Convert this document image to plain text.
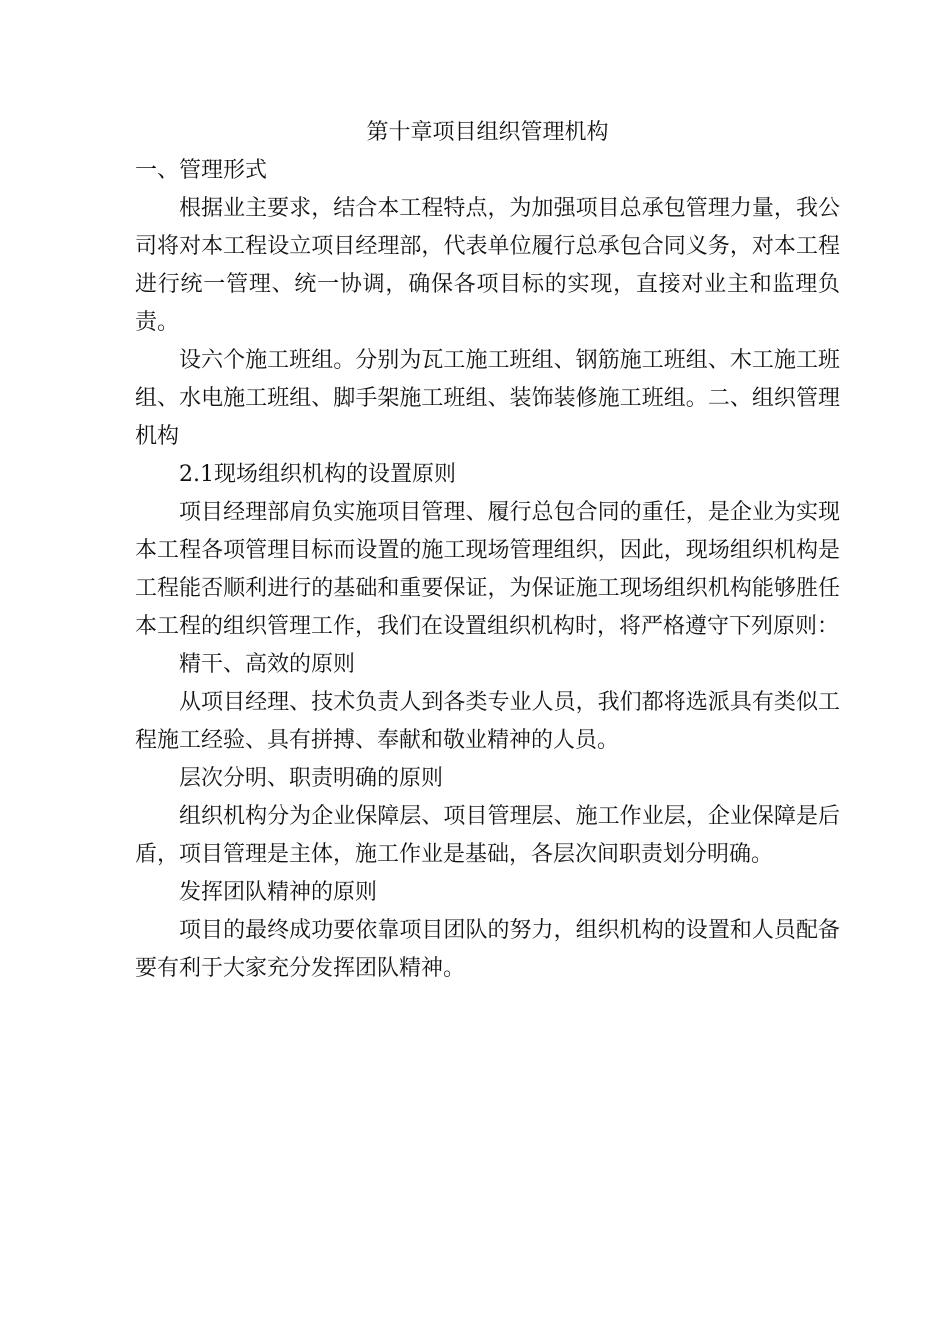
第十章项目组织管理机构

一、管理形式

根据业主要求，结合本工程特点，为加强项目总承包管理力量，我公司将对本工程设立项目经理部，代表单位履行总承包合同义务，对本工程进行统一管理、统一协调，确保各项目标的实现，直接对业主和监理负责。

设六个施工班组。分别为瓦工施工班组、钢筋施工班组、木工施工班组、水电施工班组、脚手架施工班组、装饰装修施工班组。二、组织管理机构

2.1现场组织机构的设置原则

项目经理部肩负实施项目管理、履行总包合同的重任，是企业为实现本工程各项管理目标而设置的施工现场管理组织，因此，现场组织机构是工程能否顺利进行的基础和重要保证，为保证施工现场组织机构能够胜任本工程的组织管理工作，我们在设置组织机构时，将严格遵守下列原则：

精干、高效的原则

从项目经理、技术负责人到各类专业人员，我们都将选派具有类似工程施工经验、具有拼搏、奉献和敬业精神的人员。

层次分明、职责明确的原则

组织机构分为企业保障层、项目管理层、施工作业层，企业保障是后盾，项目管理是主体，施工作业是基础，各层次间职责划分明确。

发挥团队精神的原则

项目的最终成功要依靠项目团队的努力，组织机构的设置和人员配备要有利于大家充分发挥团队精神。
